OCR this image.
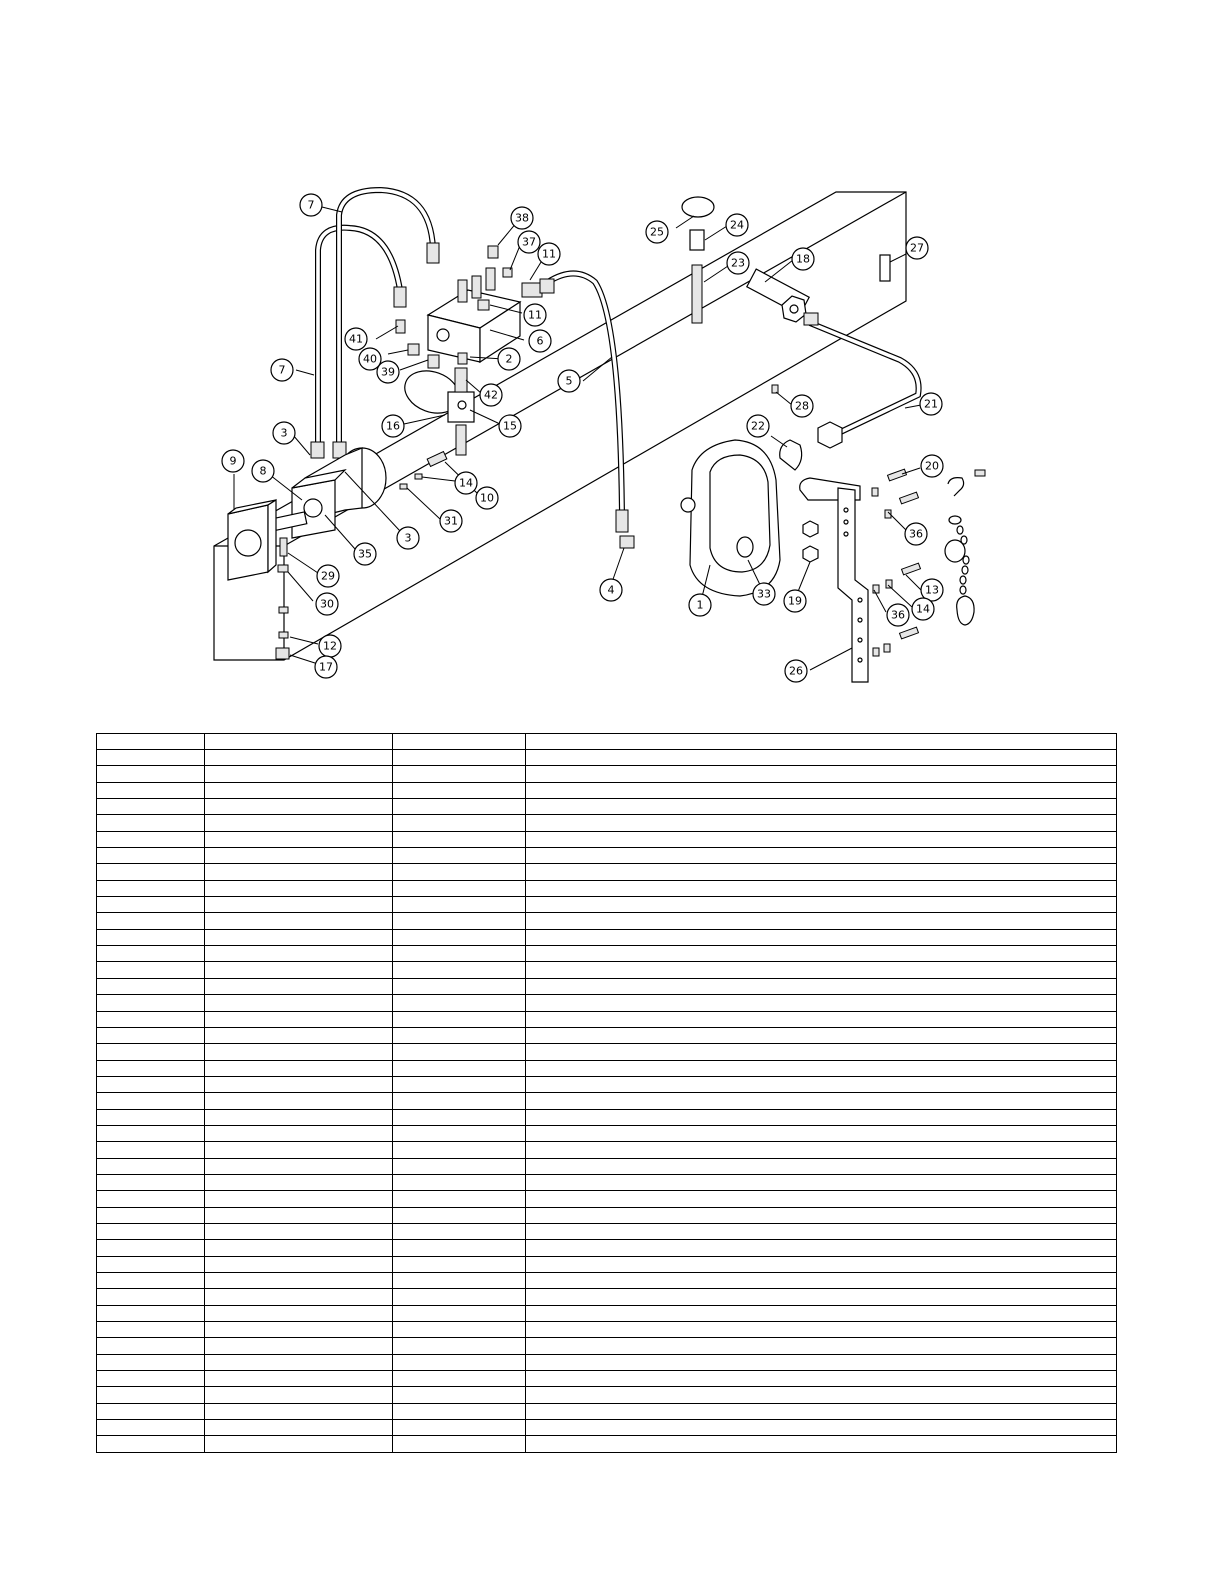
1
2
3
3
4
5
6
7
7
8
9
10
11
11
12
13
14
14
15
16
17
18
19
20
21
22
23
24
25
26
27
28
29
30
31
33
35
36
36
37
38
39
40
41
42
